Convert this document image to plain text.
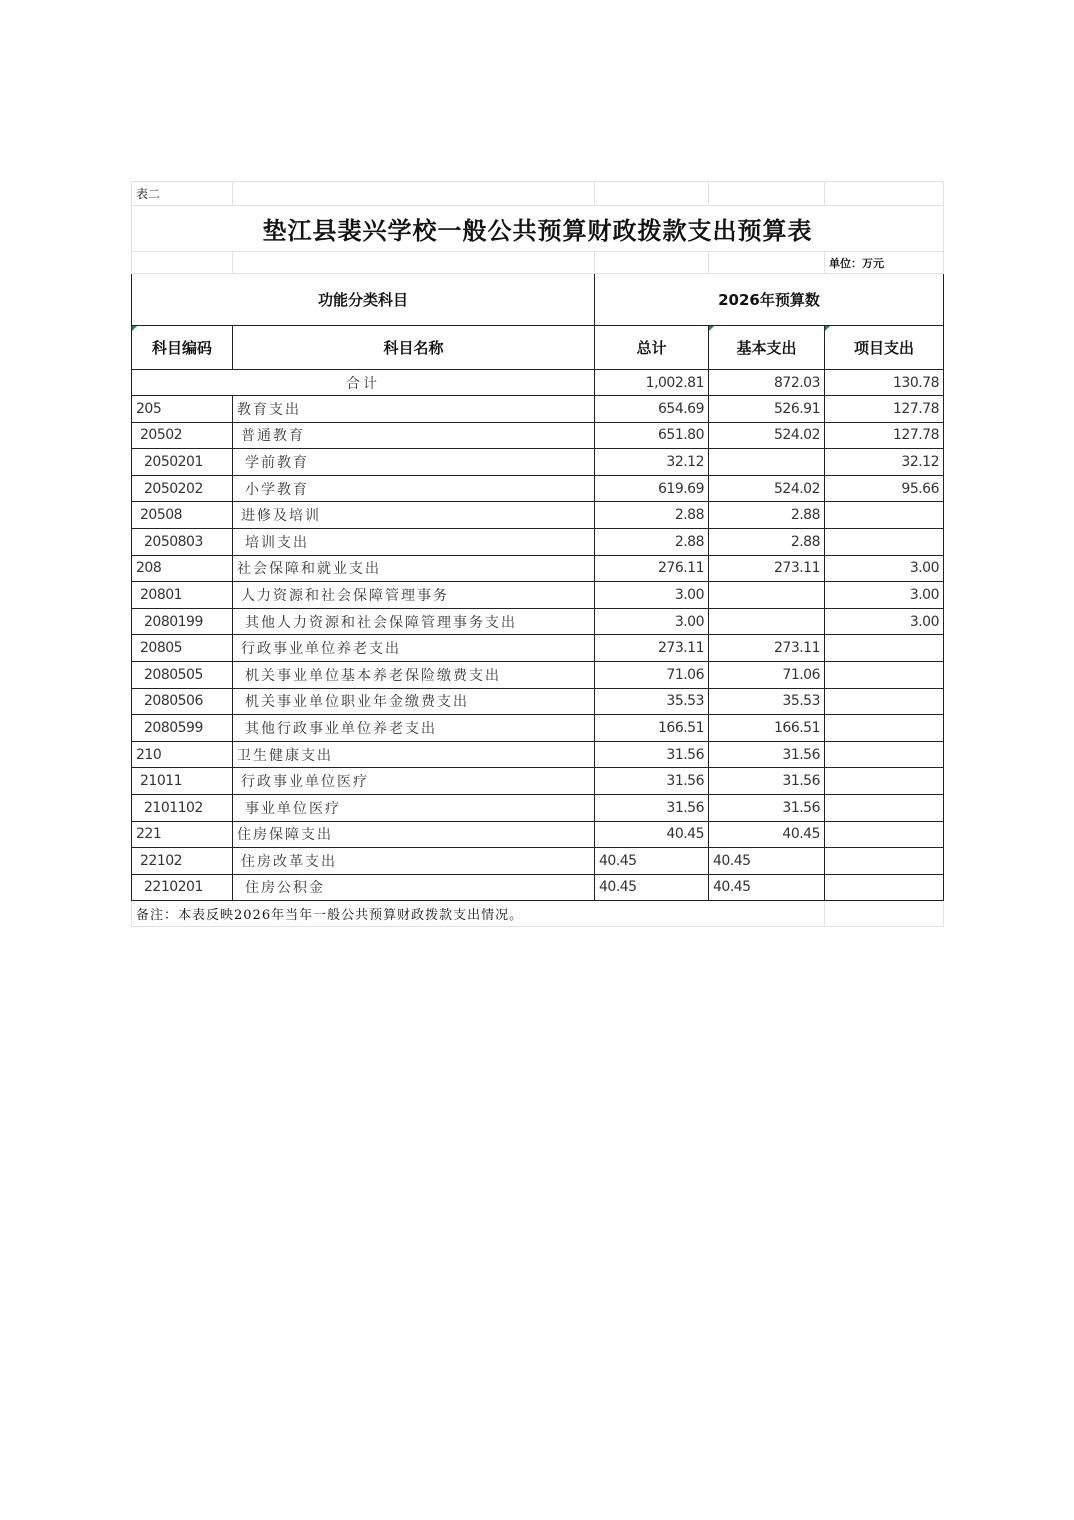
表二				
垫江县裴兴学校一般公共预算财政拨款支出预算表				
				单位：万元
功能分类科目		2026年预算数		
科目编码	科目名称	总计	基本支出	项目支出
合计		1,002.81	872.03	130.78
205	教育支出	654.69	526.91	127.78
20502	普通教育	651.80	524.02	127.78
2050201	学前教育	32.12		32.12
2050202	小学教育	619.69	524.02	95.66
20508	进修及培训	2.88	2.88	
2050803	培训支出	2.88	2.88	
208	社会保障和就业支出	276.11	273.11	3.00
20801	人力资源和社会保障管理事务	3.00		3.00
2080199	其他人力资源和社会保障管理事务支出	3.00		3.00
20805	行政事业单位养老支出	273.11	273.11	
2080505	机关事业单位基本养老保险缴费支出	71.06	71.06	
2080506	机关事业单位职业年金缴费支出	35.53	35.53	
2080599	其他行政事业单位养老支出	166.51	166.51	
210	卫生健康支出	31.56	31.56	
21011	行政事业单位医疗	31.56	31.56	
2101102	事业单位医疗	31.56	31.56	
221	住房保障支出	40.45	40.45	
22102	住房改革支出	40.45	40.45	
2210201	住房公积金	40.45	40.45	
备注：本表反映2026年当年一般公共预算财政拨款支出情况。				
